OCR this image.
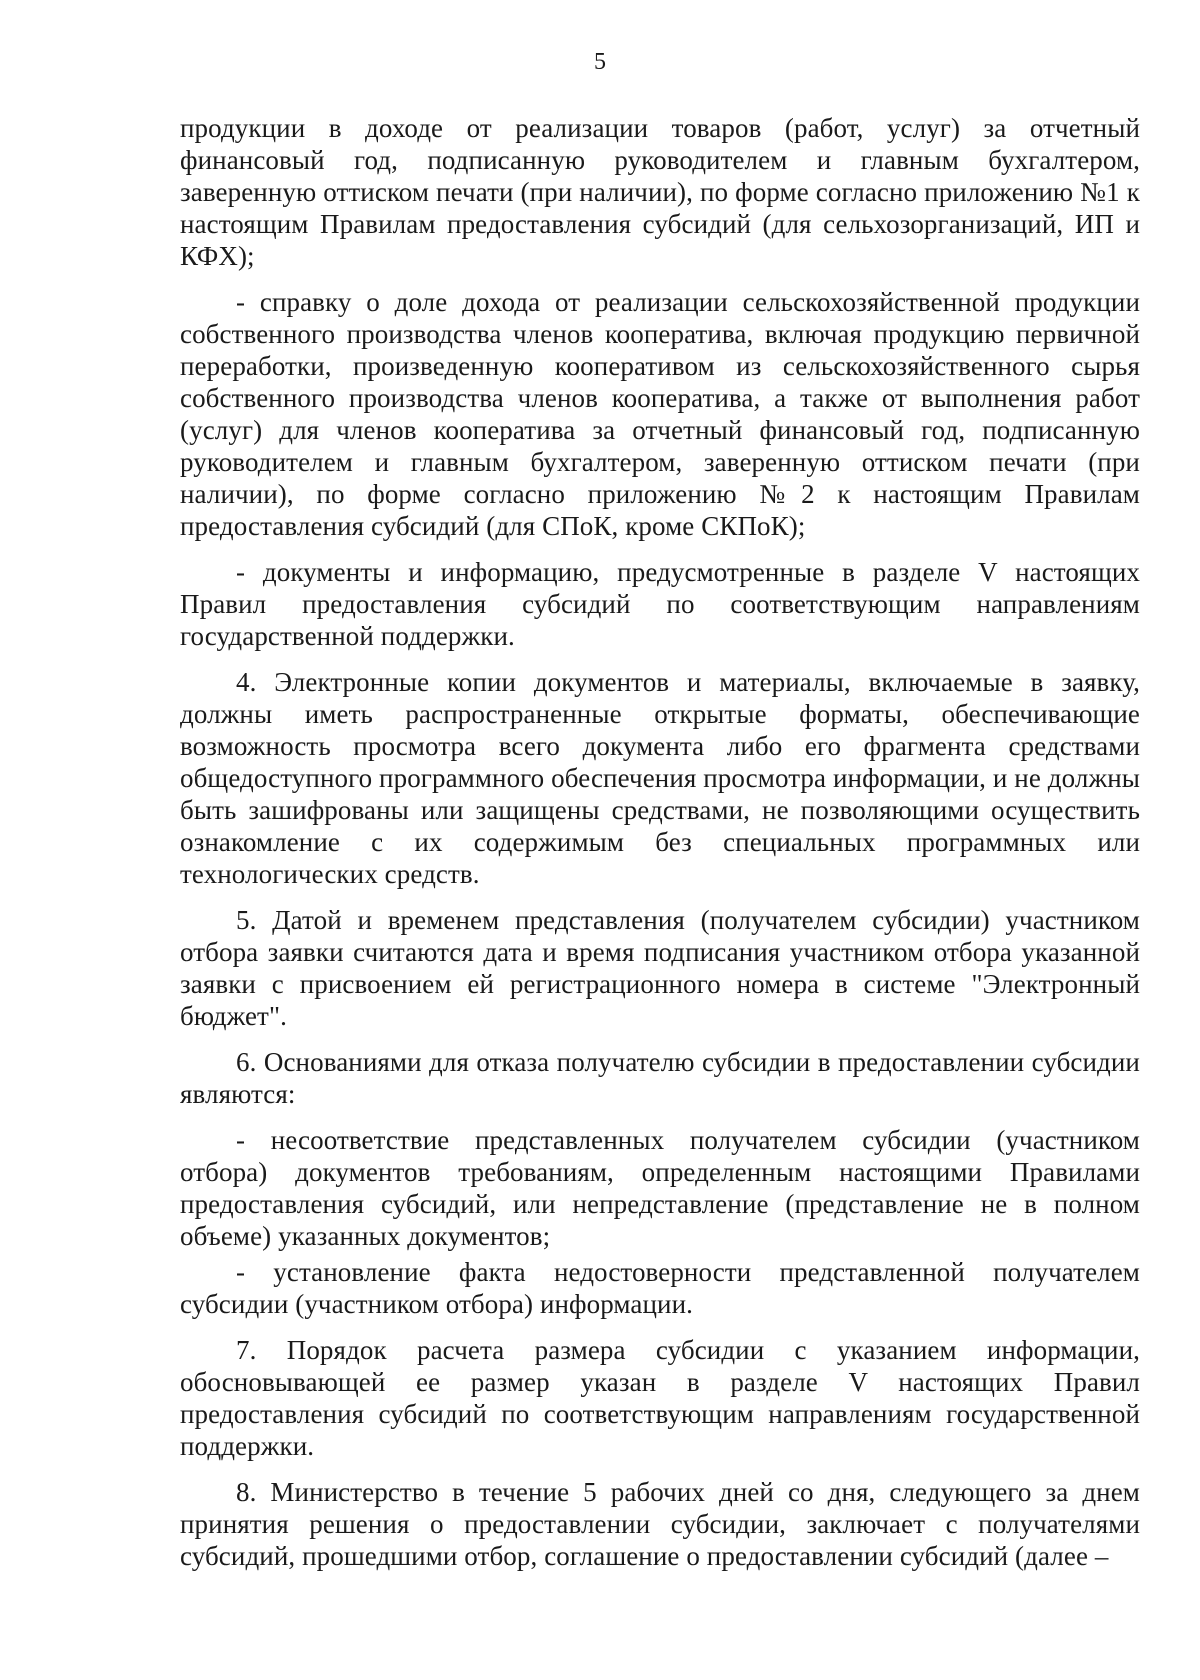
5

продукции в доходе от реализации товаров (работ, услуг) за отчетный финансовый год, подписанную руководителем и главным бухгалтером, заверенную оттиском печати (при наличии), по форме согласно приложению №1 к настоящим Правилам предоставления субсидий (для сельхозорганизаций, ИП и КФХ);

- справку о доле дохода от реализации сельскохозяйственной продукции собственного производства членов кооператива, включая продукцию первичной переработки, произведенную кооперативом из сельскохозяйственного сырья собственного производства членов кооператива, а также от выполнения работ (услуг) для членов кооператива за отчетный финансовый год, подписанную руководителем и главным бухгалтером, заверенную оттиском печати (при наличии), по форме согласно приложению №2 к настоящим Правилам предоставления субсидий (для СПоК, кроме СКПоК);

- документы и информацию, предусмотренные в разделе V настоящих Правил предоставления субсидий по соответствующим направлениям государственной поддержки.

4. Электронные копии документов и материалы, включаемые в заявку, должны иметь распространенные открытые форматы, обеспечивающие возможность просмотра всего документа либо его фрагмента средствами общедоступного программного обеспечения просмотра информации, и не должны быть зашифрованы или защищены средствами, не позволяющими осуществить ознакомление с их содержимым без специальных программных или технологических средств.

5. Датой и временем представления (получателем субсидии) участником отбора заявки считаются дата и время подписания участником отбора указанной заявки с присвоением ей регистрационного номера в системе "Электронный бюджет".

6. Основаниями для отказа получателю субсидии в предоставлении субсидии являются:

- несоответствие представленных получателем субсидии (участником отбора) документов требованиям, определенным настоящими Правилами предоставления субсидий, или непредставление (представление не в полном объеме) указанных документов;

- установление факта недостоверности представленной получателем субсидии (участником отбора) информации.

7. Порядок расчета размера субсидии с указанием информации, обосновывающей ее размер указан в разделе V настоящих Правил предоставления субсидий по соответствующим направлениям государственной поддержки.

8. Министерство в течение 5 рабочих дней со дня, следующего за днем принятия решения о предоставлении субсидии, заключает с получателями субсидий, прошедшими отбор, соглашение о предоставлении субсидий (далее –
